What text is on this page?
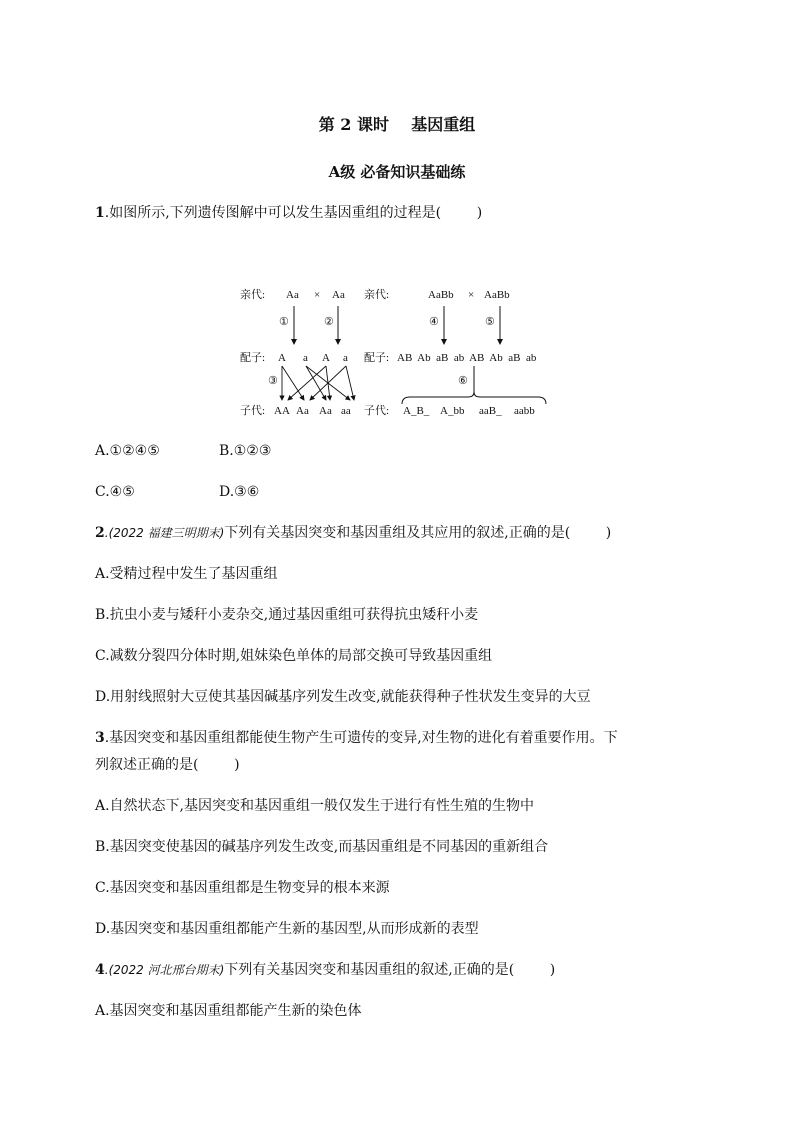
第 2 课时    基因重组
A级 必备知识基础练
1.如图所示,下列遗传图解中可以发生基因重组的过程是(        )
亲代: Aa × Aa
①	②
配子: A a A a
③
子代: AA Aa Aa aa
亲代:	AaBb × AaBb
④	⑤
配子: AB  Ab  aB  ab  AB  Ab  aB  ab
⑥
子代: A_B_ A_bb aaB_ aabb
A.①②④⑤	B.①②③
C.④⑤	D.③⑥
2.(2022 福建三明期末)下列有关基因突变和基因重组及其应用的叙述,正确的是(        )
A.受精过程中发生了基因重组
B.抗虫小麦与矮秆小麦杂交,通过基因重组可获得抗虫矮秆小麦
C.减数分裂四分体时期,姐妹染色单体的局部交换可导致基因重组
D.用射线照射大豆使其基因碱基序列发生改变,就能获得种子性状发生变异的大豆
3.基因突变和基因重组都能使生物产生可遗传的变异,对生物的进化有着重要作用。下
列叙述正确的是(        )
A.自然状态下,基因突变和基因重组一般仅发生于进行有性生殖的生物中
B.基因突变使基因的碱基序列发生改变,而基因重组是不同基因的重新组合
C.基因突变和基因重组都是生物变异的根本来源
D.基因突变和基因重组都能产生新的基因型,从而形成新的表型
4.(2022 河北邢台期末)下列有关基因突变和基因重组的叙述,正确的是(        )
A.基因突变和基因重组都能产生新的染色体
